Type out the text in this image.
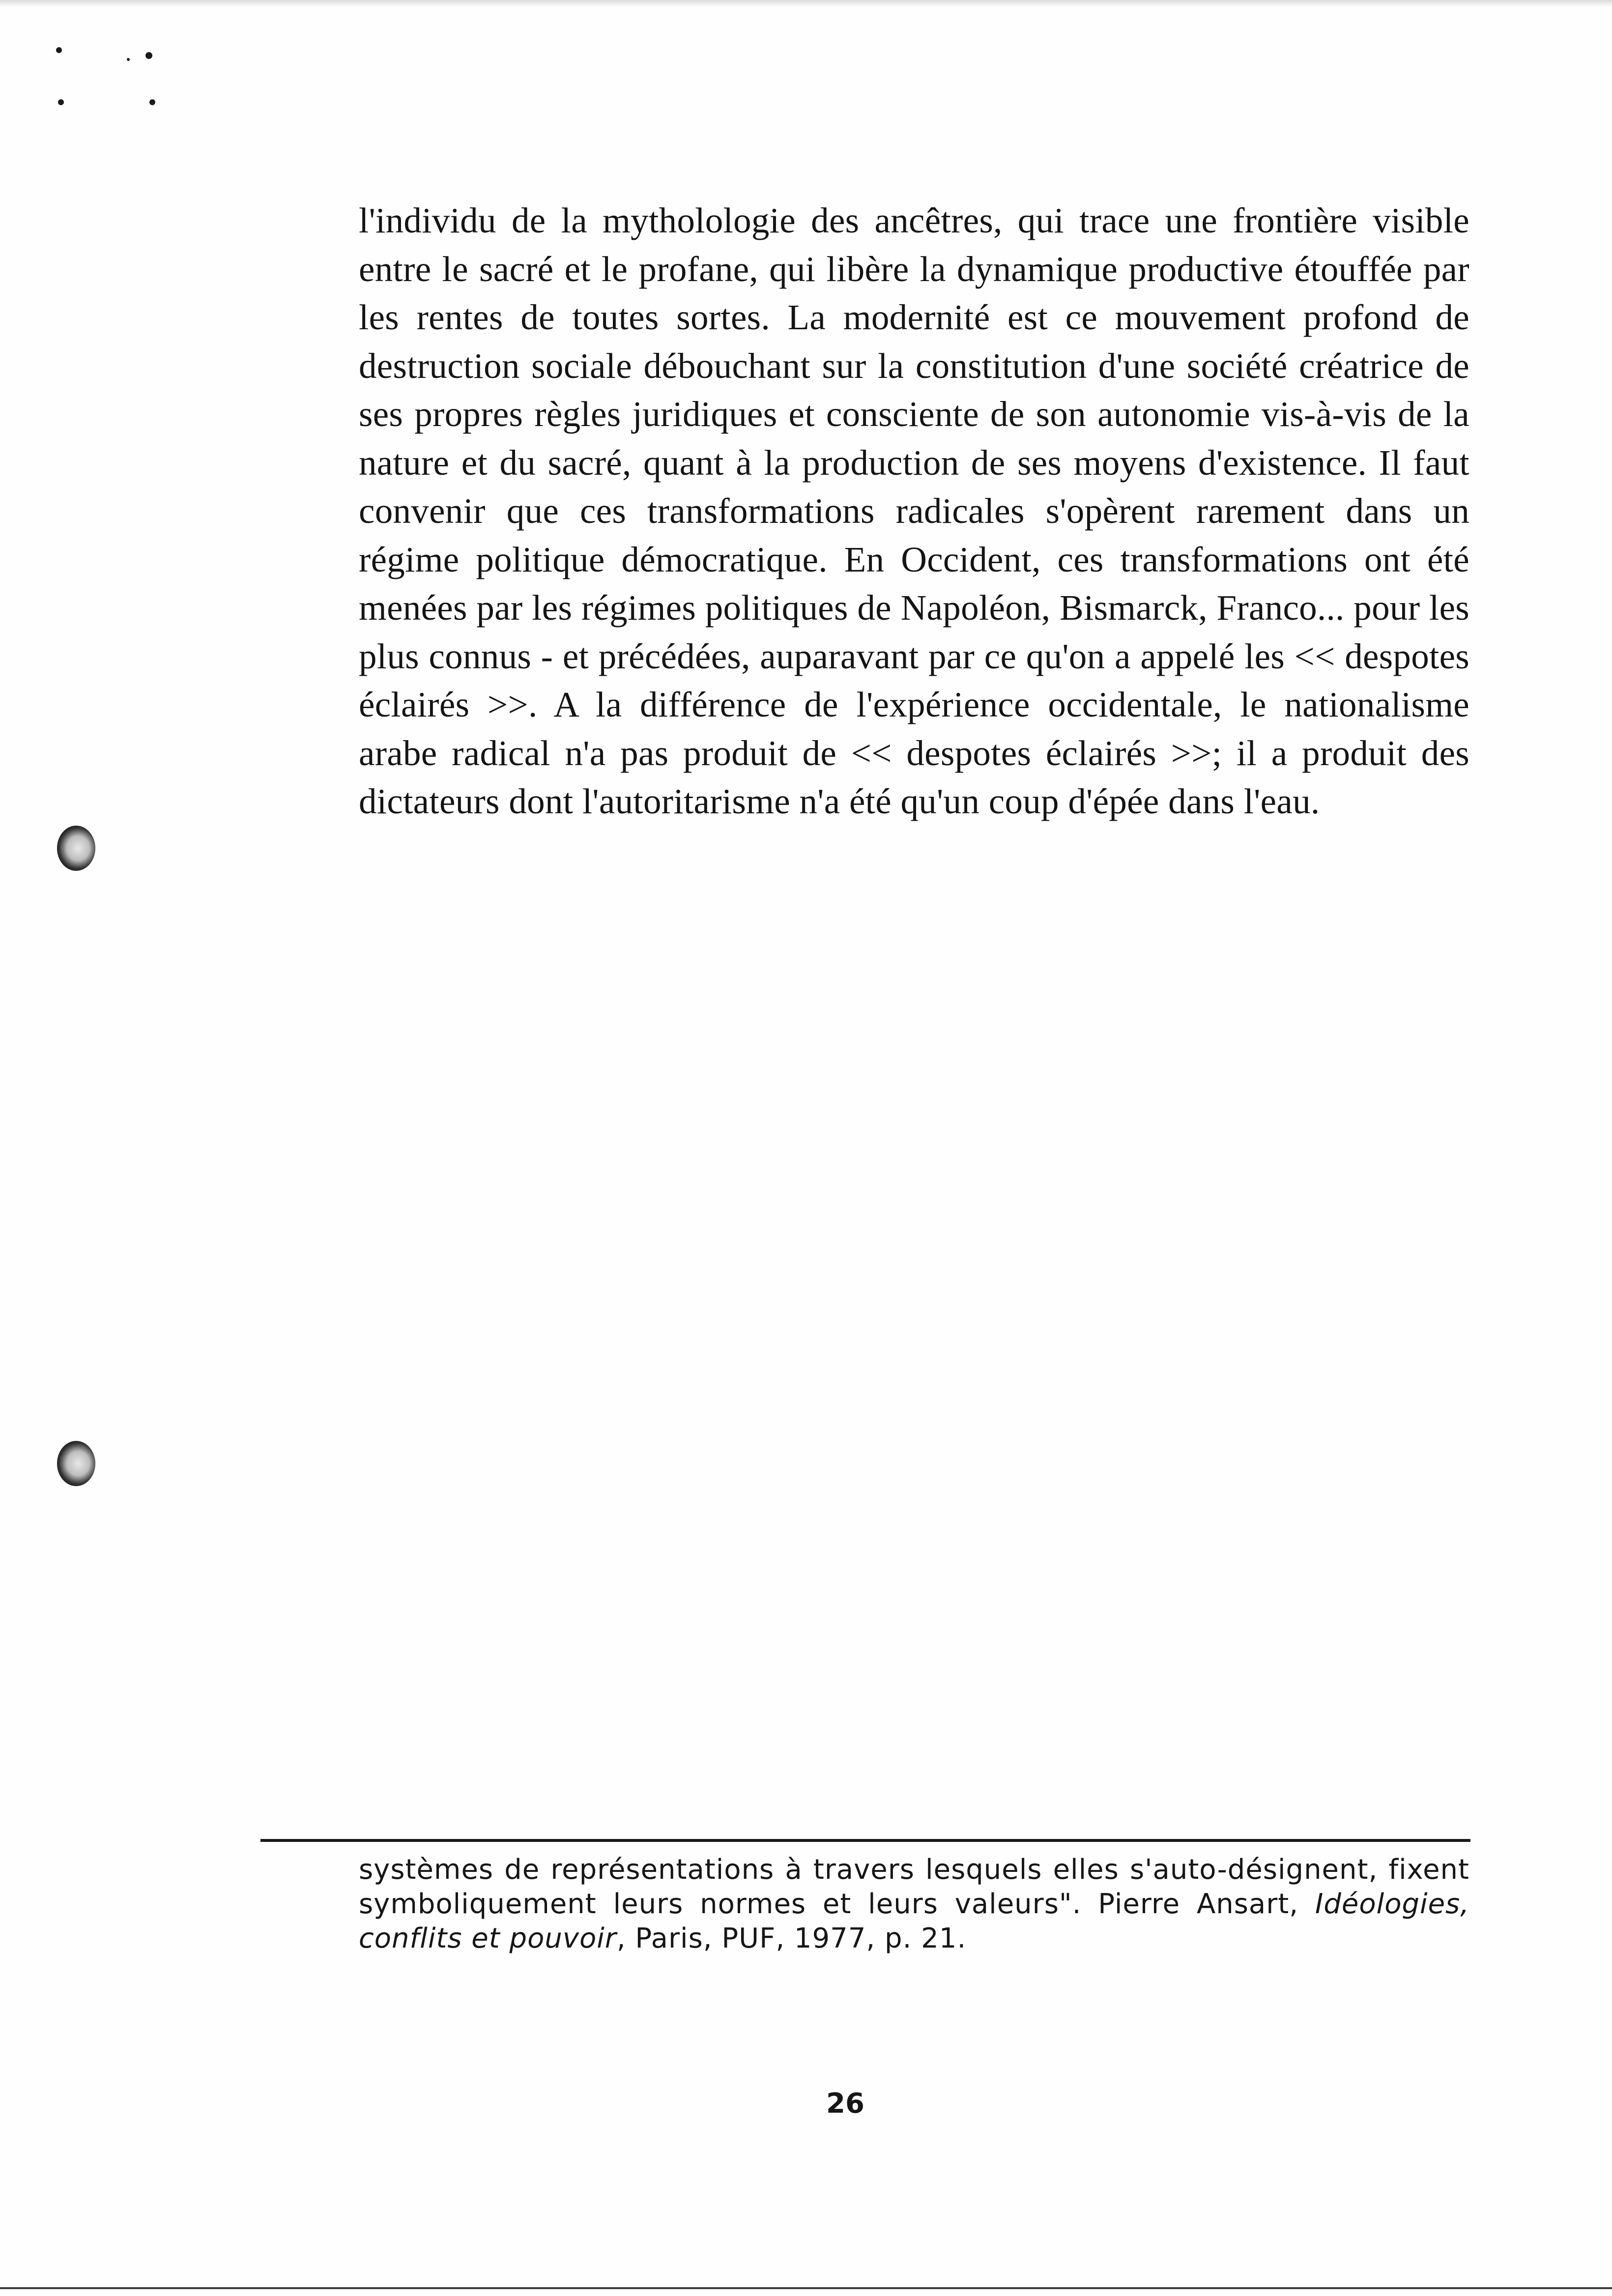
l'individu de la mytholologie des ancêtres, qui trace une frontière visible entre le sacré et le profane, qui libère la dynamique productive étouffée par les rentes de toutes sortes. La modernité est ce mouvement profond de destruction sociale débouchant sur la constitution d'une société créatrice de ses propres règles juridiques et consciente de son autonomie vis-à-vis de la nature et du sacré, quant à la production de ses moyens d'existence. Il faut convenir que ces transformations radicales s'opèrent rarement dans un régime politique démocratique. En Occident, ces transformations ont été menées par les régimes politiques de Napoléon, Bismarck, Franco... pour les plus connus - et précédées, auparavant par ce qu'on a appelé les << despotes éclairés >>. A la différence de l'expérience occidentale, le nationalisme arabe radical n'a pas produit de << despotes éclairés >>; il a produit des dictateurs dont l'autoritarisme n'a été qu'un coup d'épée dans l'eau.

systèmes de représentations à travers lesquels elles s'auto-désignent, fixent symboliquement leurs normes et leurs valeurs". Pierre Ansart, Idéologies, conflits et pouvoir, Paris, PUF, 1977, p. 21.

26
